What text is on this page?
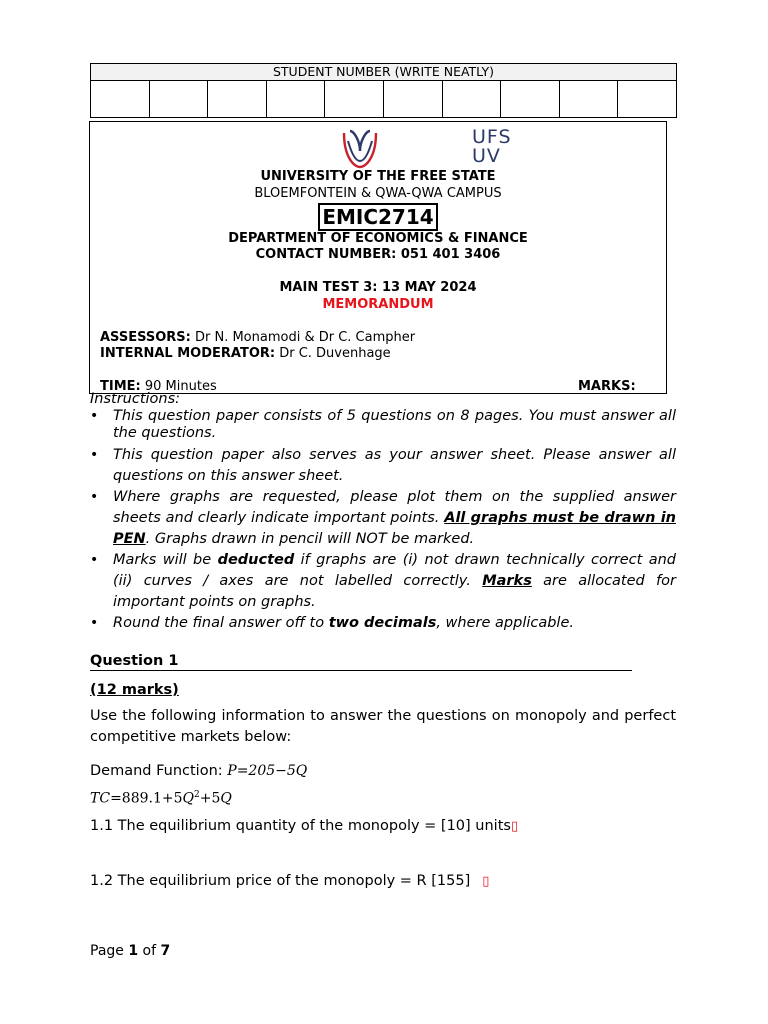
STUDENT NUMBER (WRITE NEATLY)

UFS
UV
UNIVERSITY OF THE FREE STATE
BLOEMFONTEIN & QWA-QWA CAMPUS
EMIC2714
DEPARTMENT OF ECONOMICS & FINANCE
CONTACT NUMBER: 051 401 3406
MAIN TEST 3: 13 MAY 2024
MEMORANDUM
ASSESSORS: Dr N. Monamodi & Dr C. Campher
INTERNAL MODERATOR: Dr C. Duvenhage
TIME: 90 Minutes	MARKS:
Instructions:
• This question paper consists of 5 questions on 8 pages. You must answer all the questions.
• This question paper also serves as your answer sheet. Please answer all questions on this answer sheet.
• Where graphs are requested, please plot them on the supplied answer sheets and clearly indicate important points. All graphs must be drawn in PEN. Graphs drawn in pencil will NOT be marked.
• Marks will be deducted if graphs are (i) not drawn technically correct and (ii) curves / axes are not labelled correctly. Marks are allocated for important points on graphs.
• Round the final answer off to two decimals, where applicable.
Question 1
(12 marks)
Use the following information to answer the questions on monopoly and perfect competitive markets below:
Demand Function: P=205−5Q
$TC=889.1+5Q^2+5Q$
1.1 The equilibrium quantity of the monopoly = [10] units▯
1.2 The equilibrium price of the monopoly = R [155] ▯
Page 1 of 7
